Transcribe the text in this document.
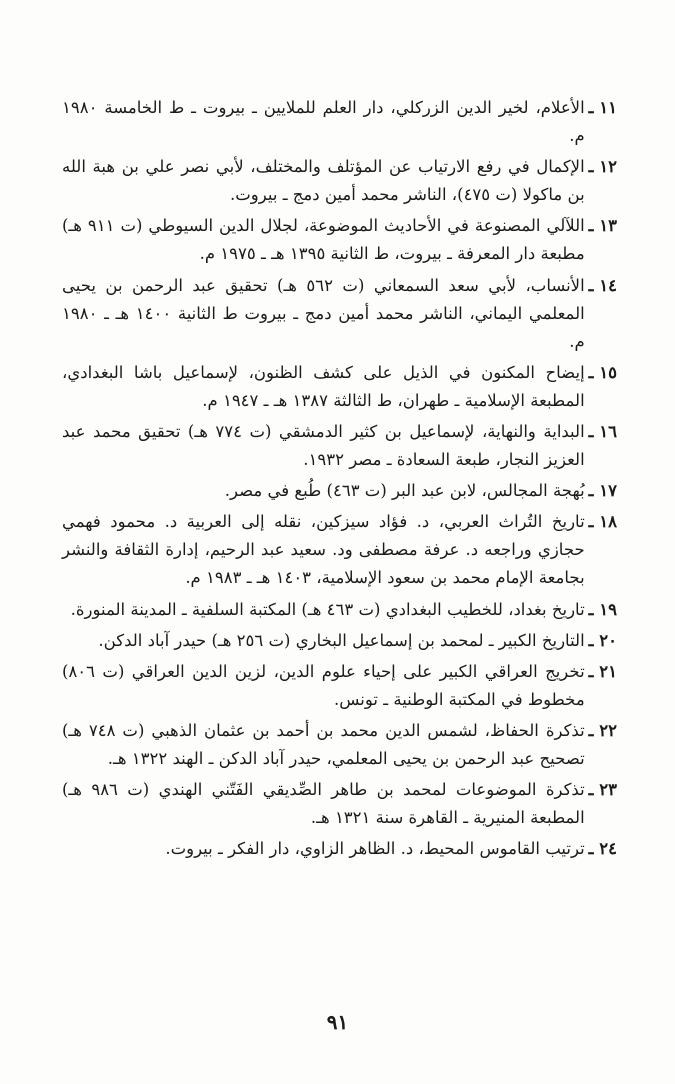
١١ ـ
الأعلام، لخير الدين الزركلي، دار العلم للملايين ـ بيروت ـ ط الخامسة ١٩٨٠ م.
١٢ ـ
الإكمال في رفع الارتياب عن المؤتلف والمختلف، لأبي نصر علي بن هبة الله بن ماكولا (ت ٤٧٥)، الناشر محمد أمين دمج ـ بيروت.
١٣ ـ
اللآلي المصنوعة في الأحاديث الموضوعة، لجلال الدين السيوطي (ت ٩١١ هـ) مطبعة دار المعرفة ـ بيروت، ط الثانية ١٣٩٥ هـ ـ ١٩٧٥ م.
١٤ ـ
الأنساب، لأبي سعد السمعاني (ت ٥٦٢ هـ) تحقيق عبد الرحمن بن يحيى المعلمي اليماني، الناشر محمد أمين دمج ـ بيروت ط الثانية ١٤٠٠ هـ ـ ١٩٨٠ م.
١٥ ـ
إيضاح المكنون في الذيل على كشف الظنون، لإسماعيل باشا البغدادي، المطبعة الإسلامية ـ طهران، ط الثالثة ١٣٨٧ هـ ـ ١٩٤٧ م.
١٦ ـ
البداية والنهاية، لإسماعيل بن كثير الدمشقي (ت ٧٧٤ هـ) تحقيق محمد عبد العزيز النجار، طبعة السعادة ـ مصر ١٩٣٢.
١٧ ـ
بُهجة المجالس، لابن عبد البر (ت ٤٦٣) طُبع في مصر.
١٨ ـ
تاريخ التُراث العربي، د. فؤاد سيزكين، نقله إلى العربية د. محمود فهمي حجازي وراجعه د. عرفة مصطفى ود. سعيد عبد الرحيم، إدارة الثقافة والنشر بجامعة الإمام محمد بن سعود الإسلامية، ١٤٠٣ هـ ـ ١٩٨٣ م.
١٩ ـ
تاريخ بغداد، للخطيب البغدادي (ت ٤٦٣ هـ) المكتبة السلفية ـ المدينة المنورة.
٢٠ ـ
التاريخ الكبير ـ لمحمد بن إسماعيل البخاري (ت ٢٥٦ هـ) حيدر آباد الدكن.
٢١ ـ
تخريج العراقي الكبير على إحياء علوم الدين، لزين الدين العراقي (ت ٨٠٦) مخطوط في المكتبة الوطنية ـ تونس.
٢٢ ـ
تذكرة الحفاظ، لشمس الدين محمد بن أحمد بن عثمان الذهبي (ت ٧٤٨ هـ) تصحيح عبد الرحمن بن يحيى المعلمي، حيدر آباد الدكن ـ الهند ١٣٢٢ هـ.
٢٣ ـ
تذكرة الموضوعات لمحمد بن طاهر الصِّديقي الفَتّني الهندي (ت ٩٨٦ هـ) المطبعة المنيرية ـ القاهرة سنة ١٣٢١ هـ.
٢٤ ـ
ترتيب القاموس المحيط، د. الظاهر الزاوي، دار الفكر ـ بيروت.
٩١
